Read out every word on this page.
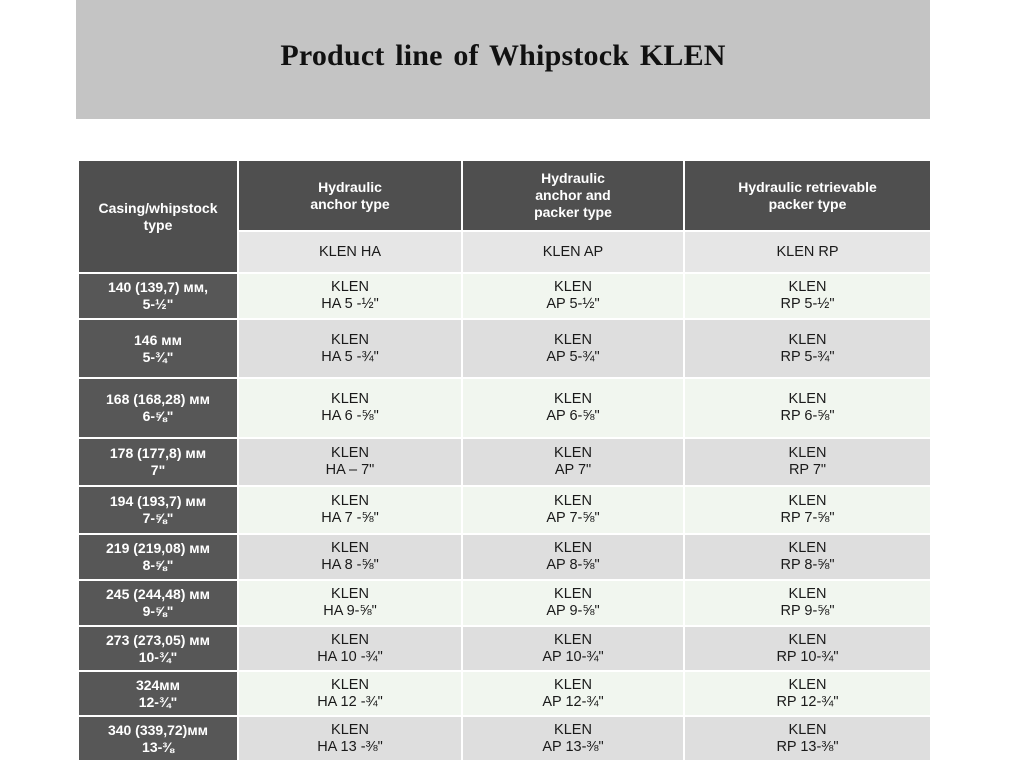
Product line of Whipstock KLEN
Casing/whipstock
type
Hydraulic
anchor type
Hydraulic
anchor and
packer type
Hydraulic retrievable
packer type
KLEN HA	KLEN AP	KLEN RP
140 (139,7) мм,
5-½"
KLEN
HA 5 -½"
KLEN
AP 5-½"
KLEN
RP 5-½"
146 мм
5-¾"
KLEN
HA 5 -¾"
KLEN
AP 5-¾"
KLEN
RP 5-¾"
168 (168,28) мм
6-⅝"
KLEN
HA 6 -⅝"
KLEN
AP 6-⅝"
KLEN
RP 6-⅝"
178 (177,8) мм
7"
KLEN
HA – 7"
KLEN
AP 7"
KLEN
RP 7"
194 (193,7) мм
7-⅝"
KLEN
HA 7 -⅝"
KLEN
AP 7-⅝"
KLEN
RP 7-⅝"
219 (219,08) мм
8-⅝"
KLEN
HA 8 -⅝"
KLEN
AP 8-⅝"
KLEN
RP 8-⅝"
245 (244,48) мм
9-⅝"
KLEN
HA 9-⅝"
KLEN
AP 9-⅝"
KLEN
RP 9-⅝"
273 (273,05) мм
10-¾"
KLEN
HA 10 -¾"
KLEN
AP 10-¾"
KLEN
RP 10-¾"
324мм
12-¾"
KLEN
HA 12 -¾"
KLEN
AP 12-¾"
KLEN
RP 12-¾"
340 (339,72)мм
13-⅜
KLEN
HA 13 -⅜"
KLEN
AP 13-⅜"
KLEN
RP 13-⅜"
